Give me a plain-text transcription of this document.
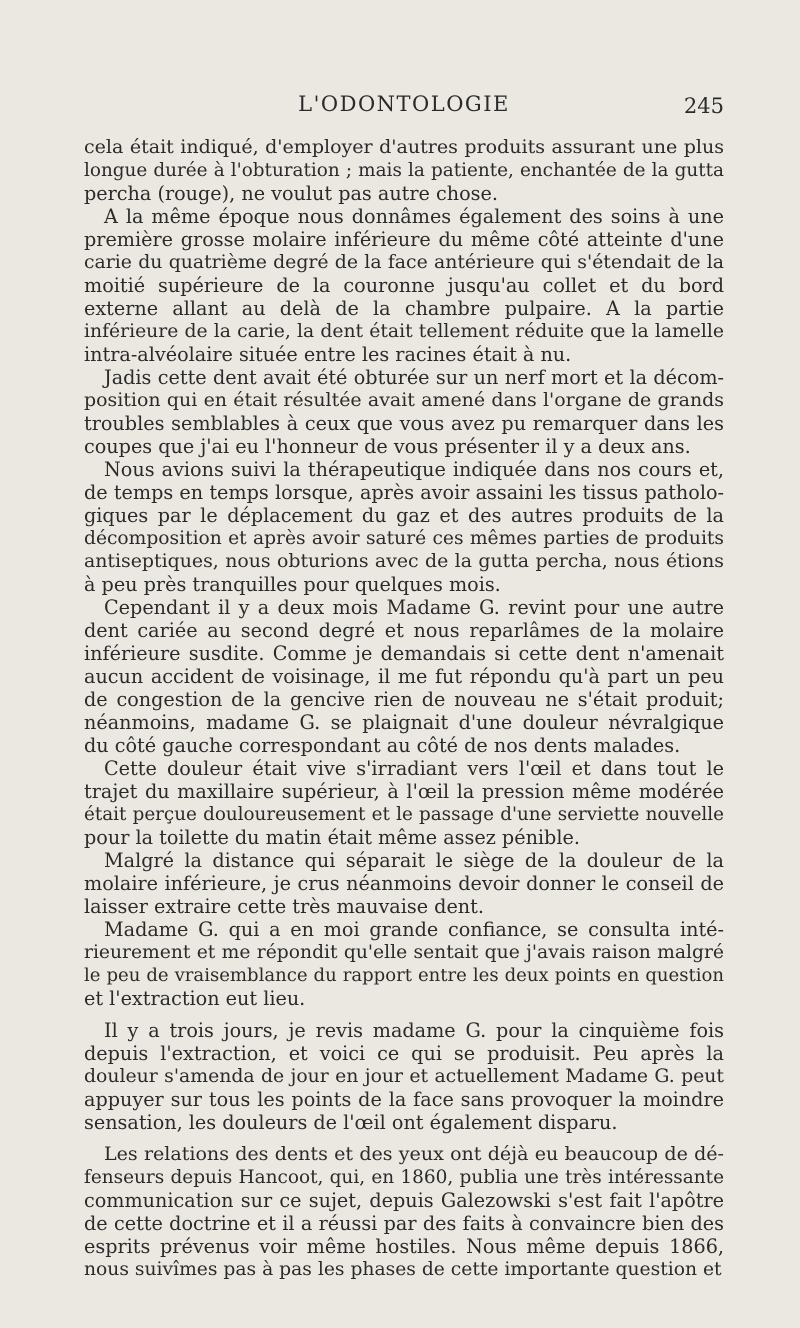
L'ODONTOLOGIE	245
cela était indiqué, d'employer d'autres produits assurant une plus
longue durée à l'obturation ; mais la patiente, enchantée de la gutta
percha (rouge), ne voulut pas autre chose.
A la même époque nous donnâmes également des soins à une
première grosse molaire inférieure du même côté atteinte d'une
carie du quatrième degré de la face antérieure qui s'étendait de la
moitié supérieure de la couronne jusqu'au collet et du bord
externe allant au delà de la chambre pulpaire. A la partie
inférieure de la carie, la dent était tellement réduite que la lamelle
intra-alvéolaire située entre les racines était à nu.
Jadis cette dent avait été obturée sur un nerf mort et la décom-
position qui en était résultée avait amené dans l'organe de grands
troubles semblables à ceux que vous avez pu remarquer dans les
coupes que j'ai eu l'honneur de vous présenter il y a deux ans.
Nous avions suivi la thérapeutique indiquée dans nos cours et,
de temps en temps lorsque, après avoir assaini les tissus patholo-
giques par le déplacement du gaz et des autres produits de la
décomposition et après avoir saturé ces mêmes parties de produits
antiseptiques, nous obturions avec de la gutta percha, nous étions
à peu près tranquilles pour quelques mois.
Cependant il y a deux mois Madame G. revint pour une autre
dent cariée au second degré et nous reparlâmes de la molaire
inférieure susdite. Comme je demandais si cette dent n'amenait
aucun accident de voisinage, il me fut répondu qu'à part un peu
de congestion de la gencive rien de nouveau ne s'était produit;
néanmoins, madame G. se plaignait d'une douleur névralgique
du côté gauche correspondant au côté de nos dents malades.
Cette douleur était vive s'irradiant vers l'œil et dans tout le
trajet du maxillaire supérieur, à l'œil la pression même modérée
était perçue douloureusement et le passage d'une serviette nouvelle
pour la toilette du matin était même assez pénible.
Malgré la distance qui séparait le siège de la douleur de la
molaire inférieure, je crus néanmoins devoir donner le conseil de
laisser extraire cette très mauvaise dent.
Madame G. qui a en moi grande confiance, se consulta inté-
rieurement et me répondit qu'elle sentait que j'avais raison malgré
le peu de vraisemblance du rapport entre les deux points en question
et l'extraction eut lieu.
Il y a trois jours, je revis madame G. pour la cinquième fois
depuis l'extraction, et voici ce qui se produisit. Peu après la
douleur s'amenda de jour en jour et actuellement Madame G. peut
appuyer sur tous les points de la face sans provoquer la moindre
sensation, les douleurs de l'œil ont également disparu.
Les relations des dents et des yeux ont déjà eu beaucoup de dé-
fenseurs depuis Hancoot, qui, en 1860, publia une très intéressante
communication sur ce sujet, depuis Galezowski s'est fait l'apôtre
de cette doctrine et il a réussi par des faits à convaincre bien des
esprits prévenus voir même hostiles. Nous même depuis 1866,
nous suivîmes pas à pas les phases de cette importante question et
